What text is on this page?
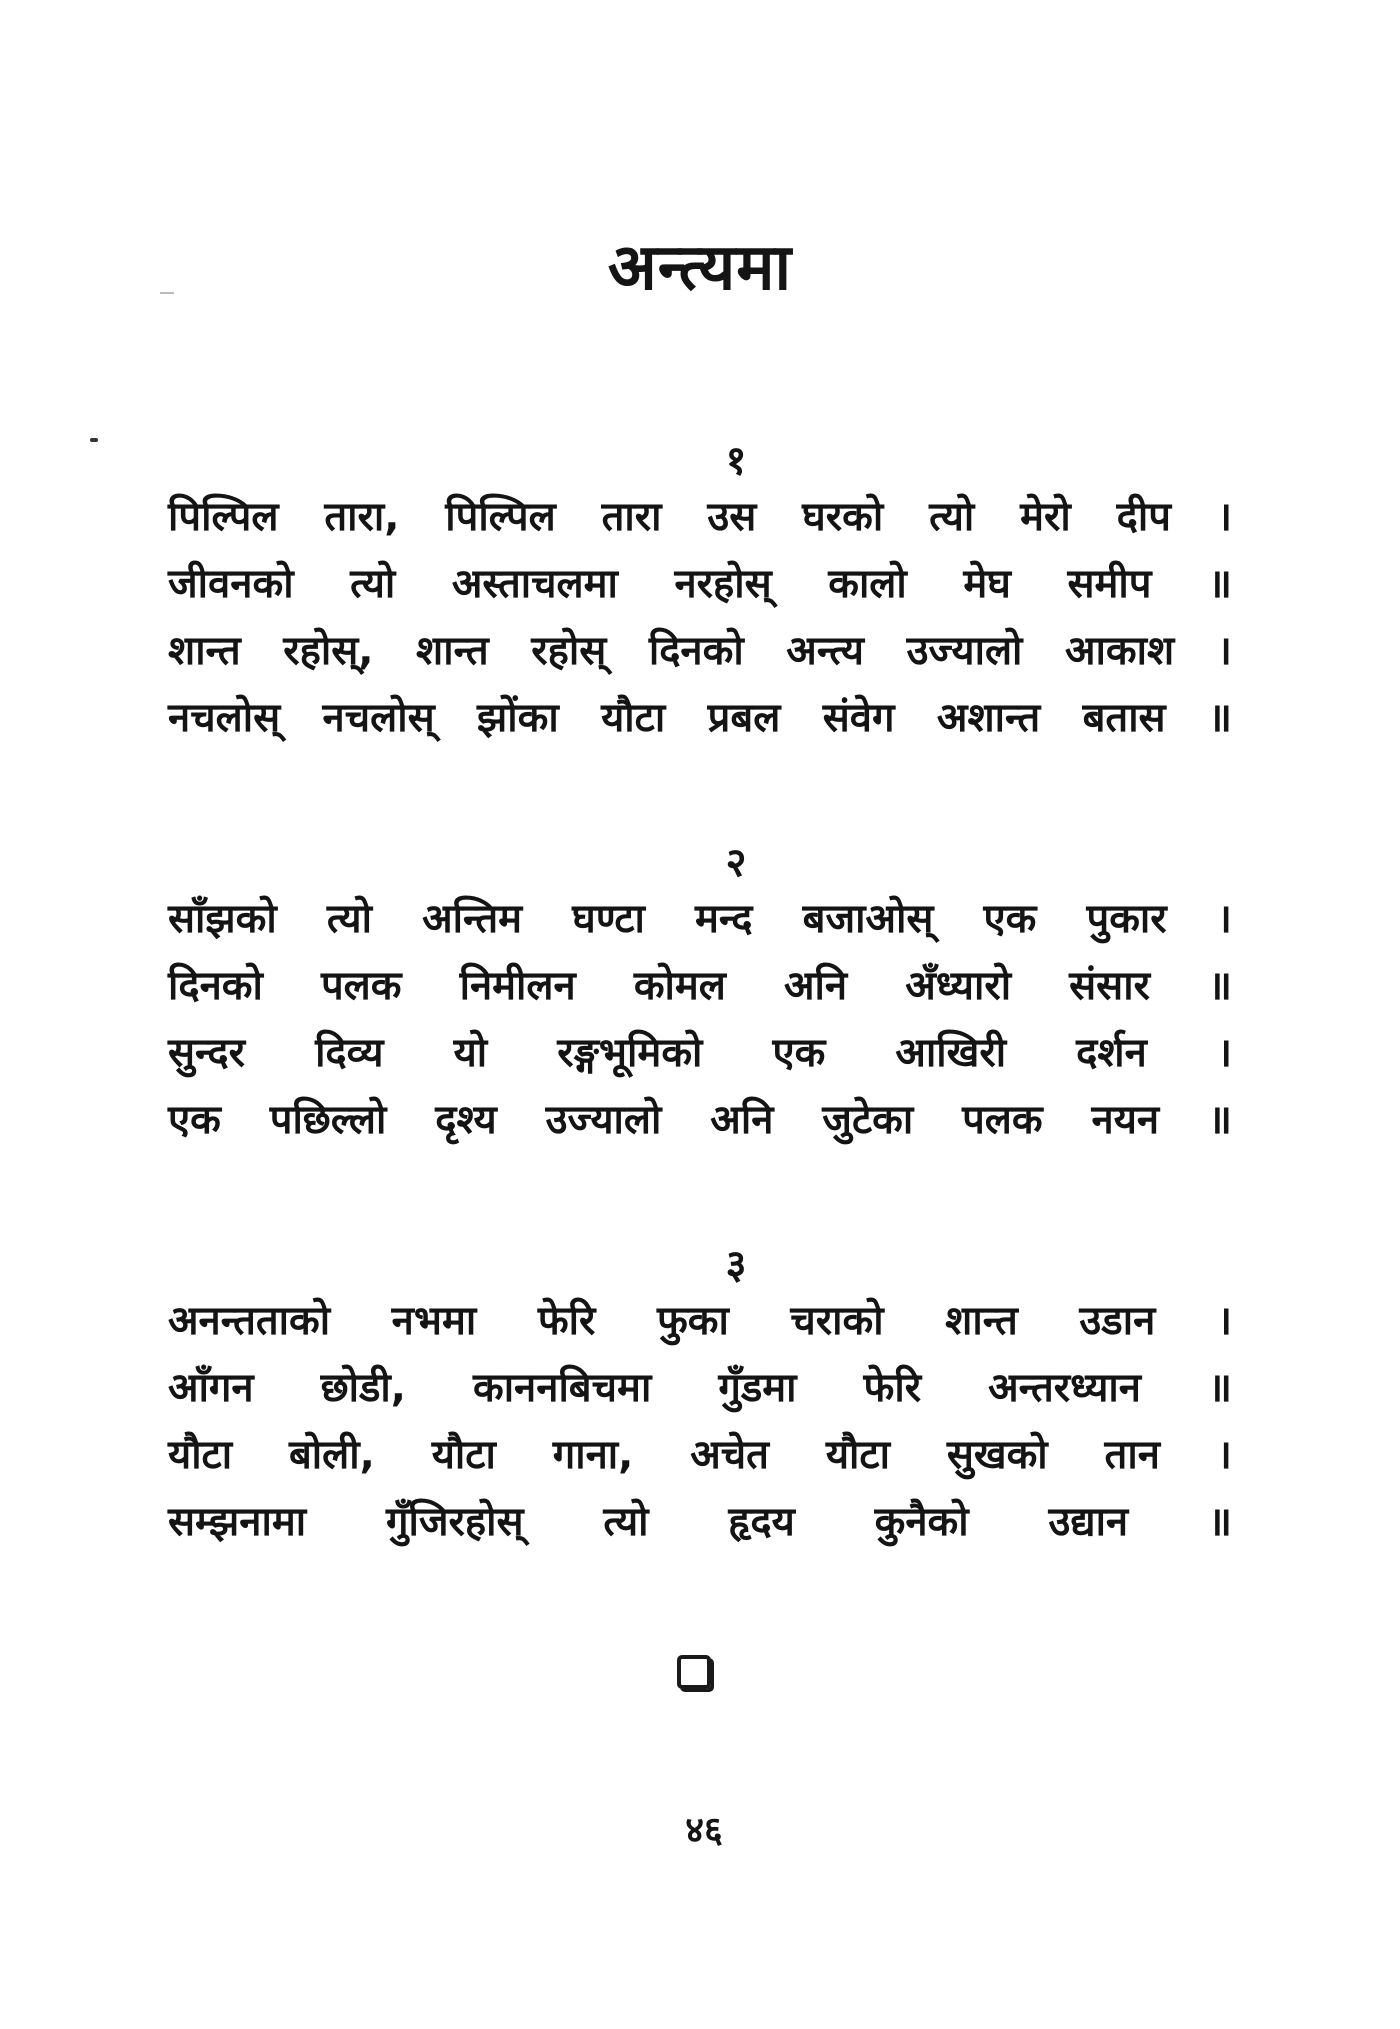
अन्त्यमा
१
पिल्पिल तारा, पिल्पिल तारा उस घरको त्यो मेरो दीप ।
जीवनको त्यो अस्ताचलमा नरहोस् कालो मेघ समीप ॥
शान्त रहोस्, शान्त रहोस् दिनको अन्त्य उज्यालो आकाश ।
नचलोस् नचलोस् झोंका यौटा प्रबल संवेग अशान्त बतास ॥
२
साँझको त्यो अन्तिम घण्टा मन्द बजाओस् एक पुकार ।
दिनको पलक निमीलन कोमल अनि अँध्यारो संसार ॥
सुन्दर दिव्य यो रङ्गभूमिको एक आखिरी दर्शन ।
एक पछिल्लो दृश्य उज्यालो अनि जुटेका पलक नयन ॥
३
अनन्तताको नभमा फेरि फुका चराको शान्त उडान ।
आँगन छोडी, काननबिचमा गुँडमा फेरि अन्तरध्यान ॥
यौटा बोली, यौटा गाना, अचेत यौटा सुखको तान ।
सम्झनामा गुँजिरहोस् त्यो हृदय कुनैको उद्यान ॥
४६
